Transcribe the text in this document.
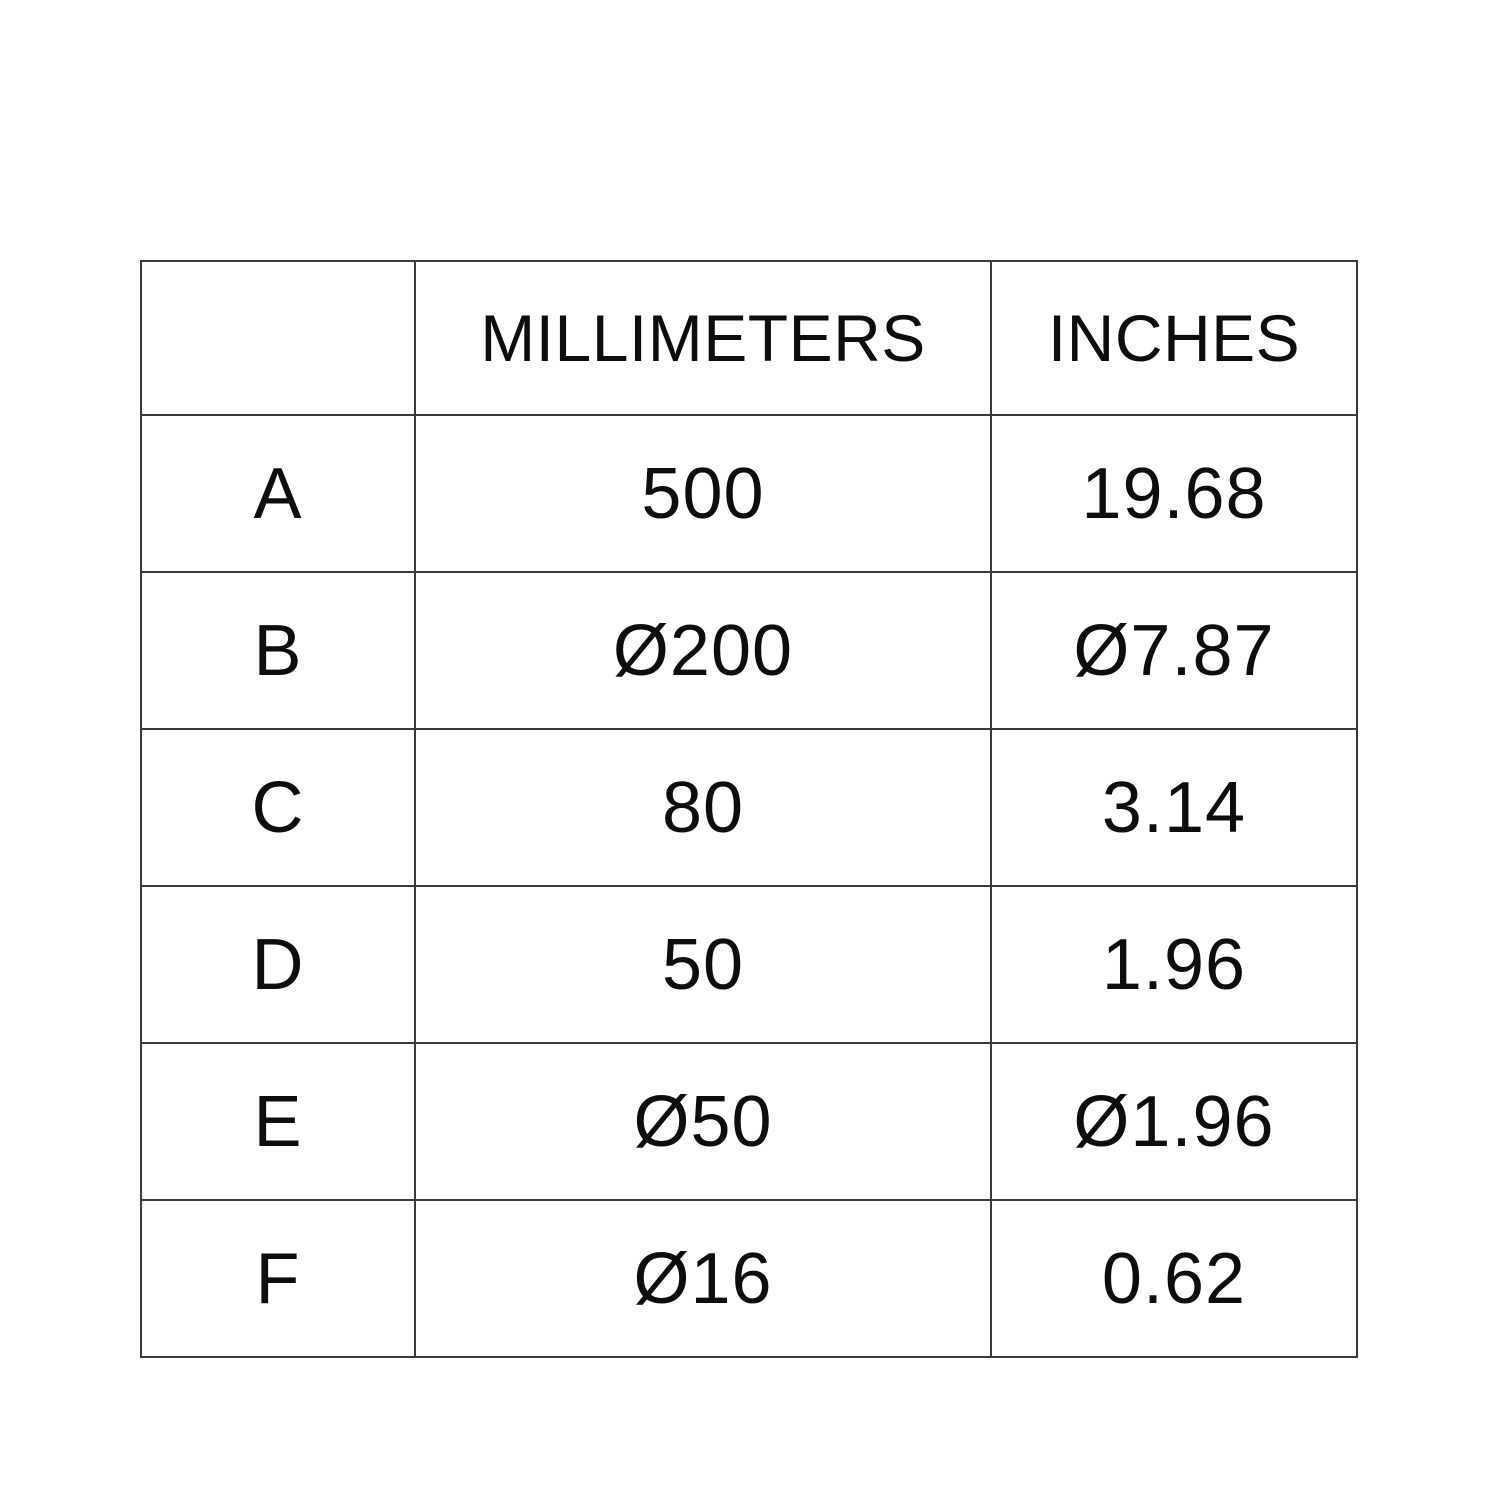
	MILLIMETERS	INCHES
A	500	19.68
B	Ø200	Ø7.87
C	80	3.14
D	50	1.96
E	Ø50	Ø1.96
F	Ø16	0.62
